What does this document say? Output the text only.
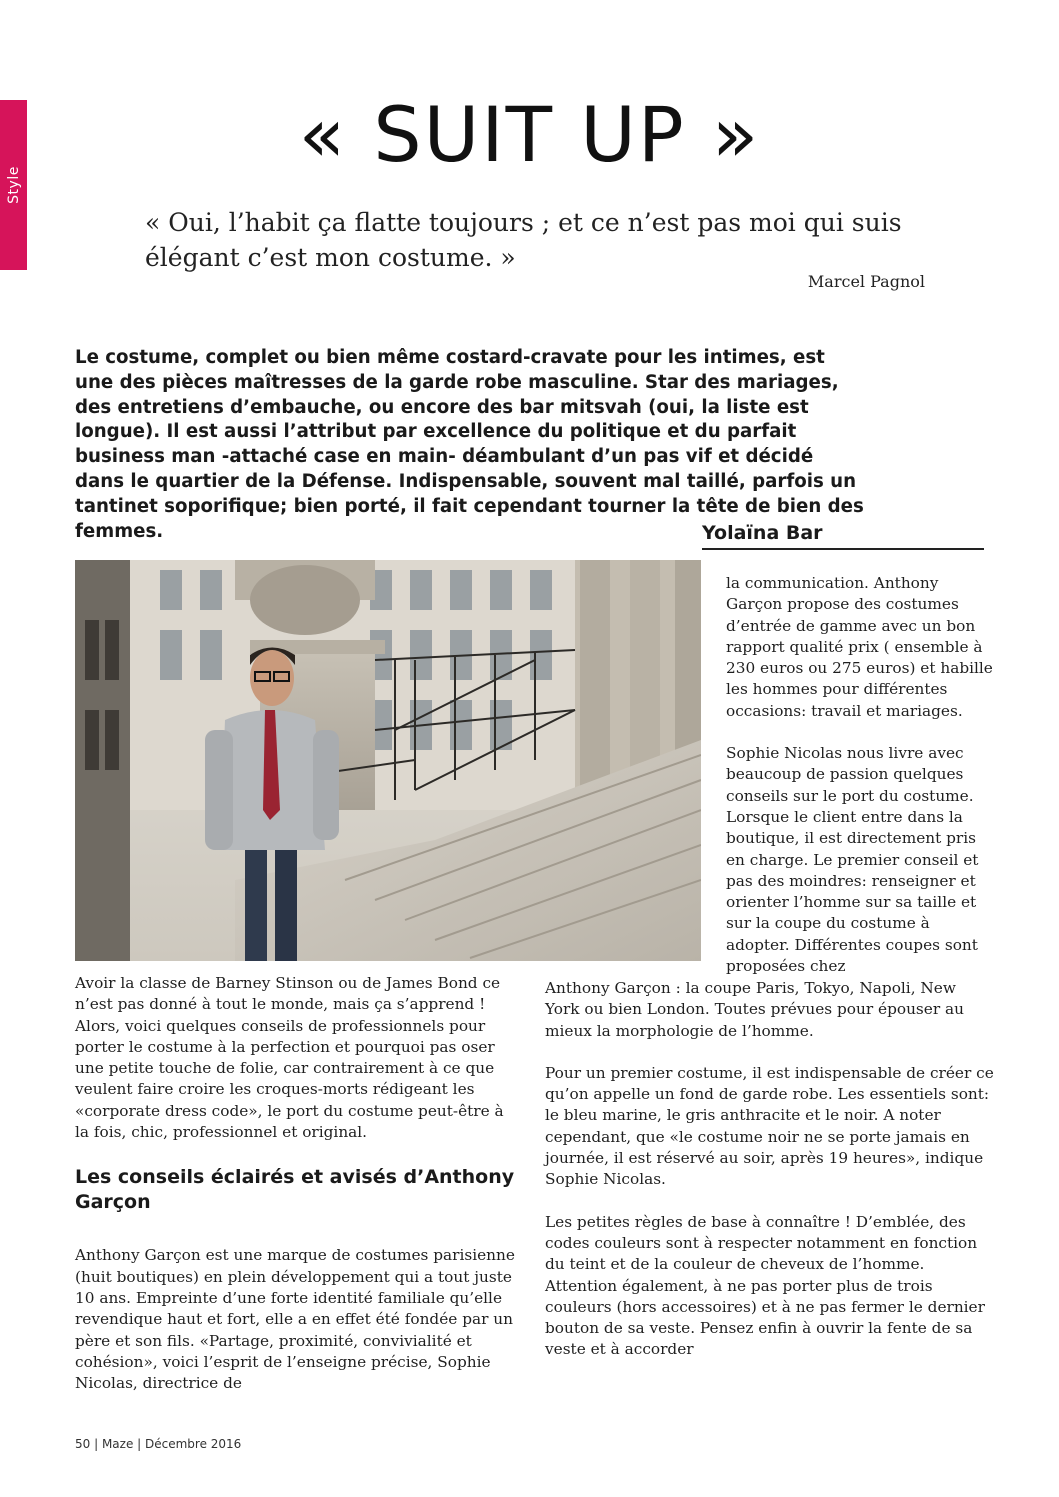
Style
« SUIT UP »

« Oui, l’habit ça flatte toujours ; et ce n’est pas moi qui suis élégant c’est mon costume. »

Marcel Pagnol

Le costume, complet ou bien même costard-cravate pour les intimes, est une des pièces maîtresses de la garde robe masculine. Star des mariages, des entretiens d’embauche, ou encore des bar mitsvah (oui, la liste est longue). Il est aussi l’attribut par excellence du politique et du parfait business man -attaché case en main- déambulant d’un pas vif et décidé dans le quartier de la Défense. Indispensable, souvent mal taillé, parfois un tantinet soporifique; bien porté, il fait cependant tourner la tête de bien des femmes.	Yolaïna Bar

la communication. Anthony Garçon propose des costumes d’entrée de gamme avec un bon rapport qualité prix ( ensemble à 230 euros ou 275 euros) et habille les hommes pour différentes occasions: travail et mariages.

Sophie Nicolas nous livre avec beaucoup de passion quelques conseils sur le port du costume. Lorsque le client entre dans la boutique, il est directement pris en charge. Le premier conseil et pas des moindres: renseigner et orienter l’homme sur sa taille et sur la coupe du costume à adopter. Différentes coupes sont proposées chez

Avoir la classe de Barney Stinson ou de James Bond ce n’est pas donné à tout le monde, mais ça s’apprend ! Alors, voici quelques conseils de professionnels pour porter le costume à la perfection et pourquoi pas oser une petite touche de folie, car contrairement à ce que veulent faire croire les croques-morts rédigeant les «corporate dress code», le port du costume peut-être à la fois, chic, professionnel et original.

Les conseils éclairés et avisés d’Anthony Garçon

Anthony Garçon est une marque de costumes parisienne (huit boutiques) en plein développement qui a tout juste 10 ans. Empreinte d’une forte identité familiale qu’elle revendique haut et fort, elle a en effet été fondée par un père et son fils. «Partage, proximité, convivialité et cohésion», voici l’esprit de l’enseigne précise, Sophie Nicolas, directrice de

Anthony Garçon : la coupe Paris, Tokyo, Napoli, New York ou bien London. Toutes prévues pour épouser au mieux la morphologie de l’homme.

Pour un premier costume, il est indispensable de créer ce qu’on appelle un fond de garde robe. Les essentiels sont: le bleu marine, le gris anthracite et le noir. A noter cependant, que «le costume noir ne se porte jamais en journée, il est réservé au soir, après 19 heures», indique Sophie Nicolas.

Les petites règles de base à connaître ! D’emblée, des codes couleurs sont à respecter notamment en fonction du teint et de la couleur de cheveux de l’homme. Attention également, à ne pas porter plus de trois couleurs (hors accessoires) et à ne pas fermer le dernier bouton de sa veste. Pensez enfin à ouvrir la fente de sa veste et à accorder

50 | Maze | Décembre 2016
